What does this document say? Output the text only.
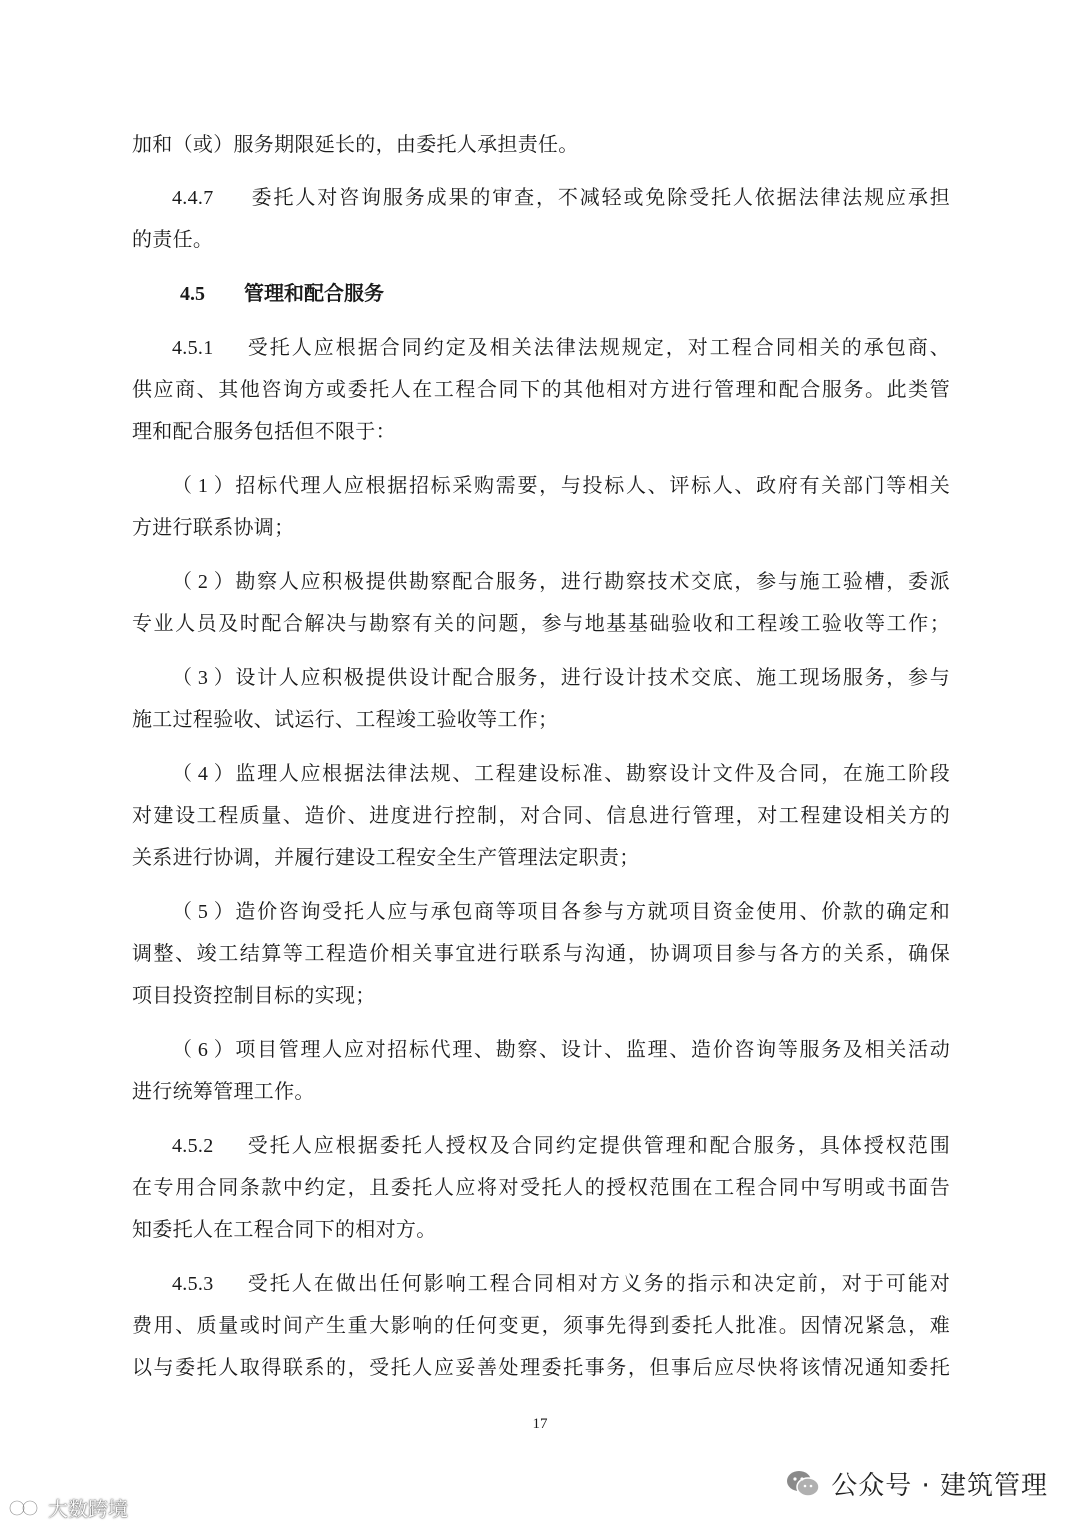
加和（或）服务期限延长的，由委托人承担责任。
4.4.7 委托人对咨询服务成果的审查，不减轻或免除受托人依据法律法规应承担
的责任。
4.5 管理和配合服务
4.5.1 受托人应根据合同约定及相关法律法规规定，对工程合同相关的承包商、
供应商、其他咨询方或委托人在工程合同下的其他相对方进行管理和配合服务。此类管
理和配合服务包括但不限于：
（1）招标代理人应根据招标采购需要，与投标人、评标人、政府有关部门等相关
方进行联系协调；
（2）勘察人应积极提供勘察配合服务，进行勘察技术交底，参与施工验槽，委派
专业人员及时配合解决与勘察有关的问题，参与地基基础验收和工程竣工验收等工作；
（3）设计人应积极提供设计配合服务，进行设计技术交底、施工现场服务，参与
施工过程验收、试运行、工程竣工验收等工作；
（4）监理人应根据法律法规、工程建设标准、勘察设计文件及合同，在施工阶段
对建设工程质量、造价、进度进行控制，对合同、信息进行管理，对工程建设相关方的
关系进行协调，并履行建设工程安全生产管理法定职责；
（5）造价咨询受托人应与承包商等项目各参与方就项目资金使用、价款的确定和
调整、竣工结算等工程造价相关事宜进行联系与沟通，协调项目参与各方的关系，确保
项目投资控制目标的实现；
（6）项目管理人应对招标代理、勘察、设计、监理、造价咨询等服务及相关活动
进行统筹管理工作。
4.5.2 受托人应根据委托人授权及合同约定提供管理和配合服务，具体授权范围
在专用合同条款中约定，且委托人应将对受托人的授权范围在工程合同中写明或书面告
知委托人在工程合同下的相对方。
4.5.3 受托人在做出任何影响工程合同相对方义务的指示和决定前，对于可能对
费用、质量或时间产生重大影响的任何变更，须事先得到委托人批准。因情况紧急，难
以与委托人取得联系的，受托人应妥善处理委托事务，但事后应尽快将该情况通知委托
17
大数跨境
公众号 · 建筑管理
